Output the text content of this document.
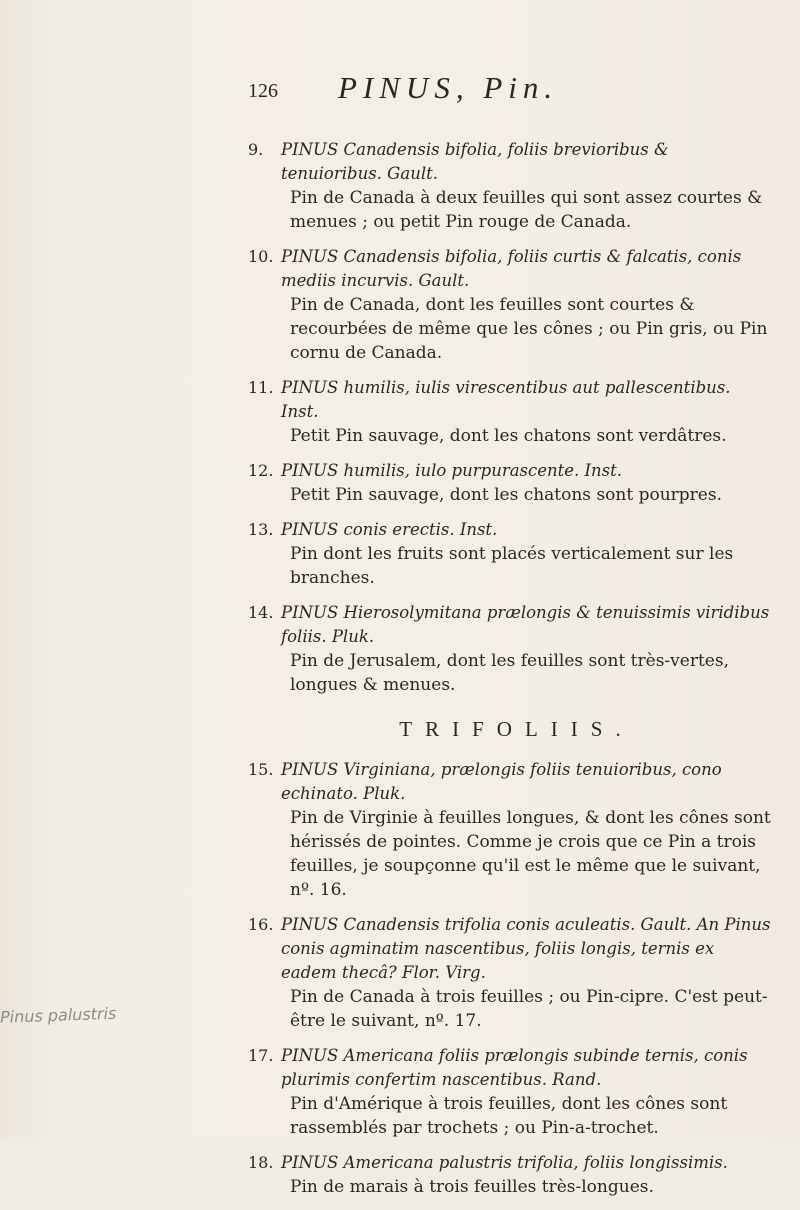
126 PINUS, Pin.
Pinus palustris
9. PINUS Canadensis bifolia, foliis brevioribus & tenuioribus. Gault.
Pin de Canada à deux feuilles qui sont assez courtes & menues ; ou petit Pin rouge de Canada.
10. PINUS Canadensis bifolia, foliis curtis & falcatis, conis mediis incurvis. Gault.
Pin de Canada, dont les feuilles sont courtes & recourbées de même que les cônes ; ou Pin gris, ou Pin cornu de Canada.
11. PINUS humilis, iulis virescentibus aut pallescentibus. Inst.
Petit Pin sauvage, dont les chatons sont verdâtres.
12. PINUS humilis, iulo purpurascente. Inst.
Petit Pin sauvage, dont les chatons sont pourpres.
13. PINUS conis erectis. Inst.
Pin dont les fruits sont placés verticalement sur les branches.
14. PINUS Hierosolymitana prælongis & tenuissimis viridibus foliis. Pluk.
Pin de Jerusalem, dont les feuilles sont très-vertes, longues & menues.
TRIFOLIIS.
15. PINUS Virginiana, prælongis foliis tenuioribus, cono echinato. Pluk.
Pin de Virginie à feuilles longues, & dont les cônes sont hérissés de pointes. Comme je crois que ce Pin a trois feuilles, je soupçonne qu'il est le même que le suivant, nº. 16.
16. PINUS Canadensis trifolia conis aculeatis. Gault. An Pinus conis agminatim nascentibus, foliis longis, ternis ex eadem thecâ? Flor. Virg.
Pin de Canada à trois feuilles ; ou Pin-cipre. C'est peut-être le suivant, nº. 17.
17. PINUS Americana foliis prælongis subinde ternis, conis plurimis confertim nascentibus. Rand.
Pin d'Amérique à trois feuilles, dont les cônes sont rassemblés par trochets ; ou Pin-a-trochet.
18. PINUS Americana palustris trifolia, foliis longissimis.
Pin de marais à trois feuilles très-longues.
